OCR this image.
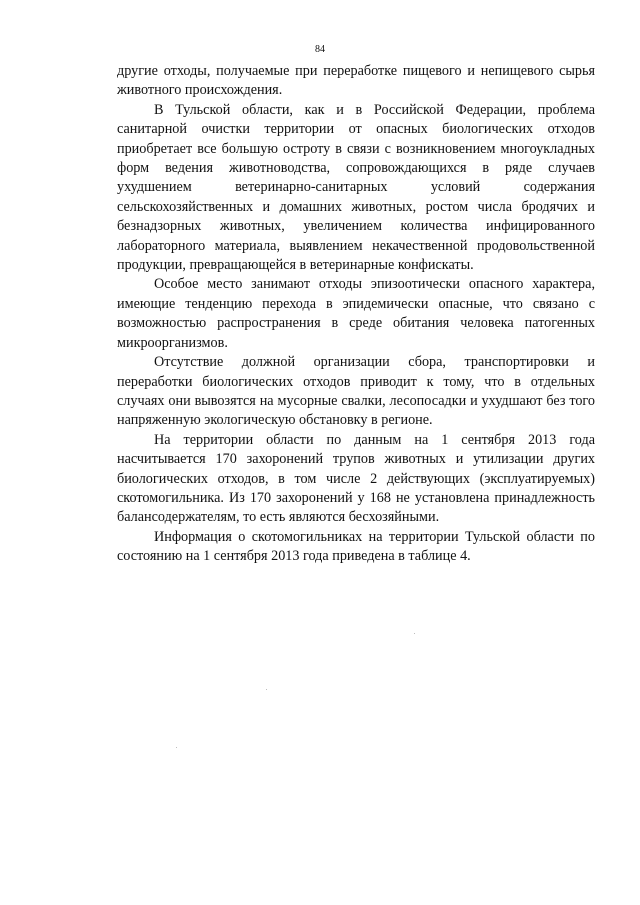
84

другие отходы, получаемые при переработке пищевого и непищевого сырья животного происхождения.

В Тульской области, как и в Российской Федерации, проблема санитарной очистки территории от опасных биологических отходов приобретает все большую остроту в связи с возникновением многоукладных форм ведения животноводства, сопровождающихся в ряде случаев ухудшением ветеринарно-санитарных условий содержания сельскохозяйственных и домашних животных, ростом числа бродячих и безнадзорных животных, увеличением количества инфицированного лабораторного материала, выявлением некачественной продовольственной продукции, превращающейся в ветеринарные конфискаты.

Особое место занимают отходы эпизоотически опасного характера, имеющие тенденцию перехода в эпидемически опасные, что связано с возможностью распространения в среде обитания человека патогенных микроорганизмов.

Отсутствие должной организации сбора, транспортировки и переработки биологических отходов приводит к тому, что в отдельных случаях они вывозятся на мусорные свалки, лесопосадки и ухудшают без того напряженную экологическую обстановку в регионе.

На территории области по данным на 1 сентября 2013 года насчитывается 170 захоронений трупов животных и утилизации других биологических отходов, в том числе 2 действующих (эксплуатируемых) скотомогильника. Из 170 захоронений у 168 не установлена принадлежность балансодержателям, то есть являются бесхозяйными.

Информация о скотомогильниках на территории Тульской области по состоянию на 1 сентября 2013 года приведена в таблице 4.
